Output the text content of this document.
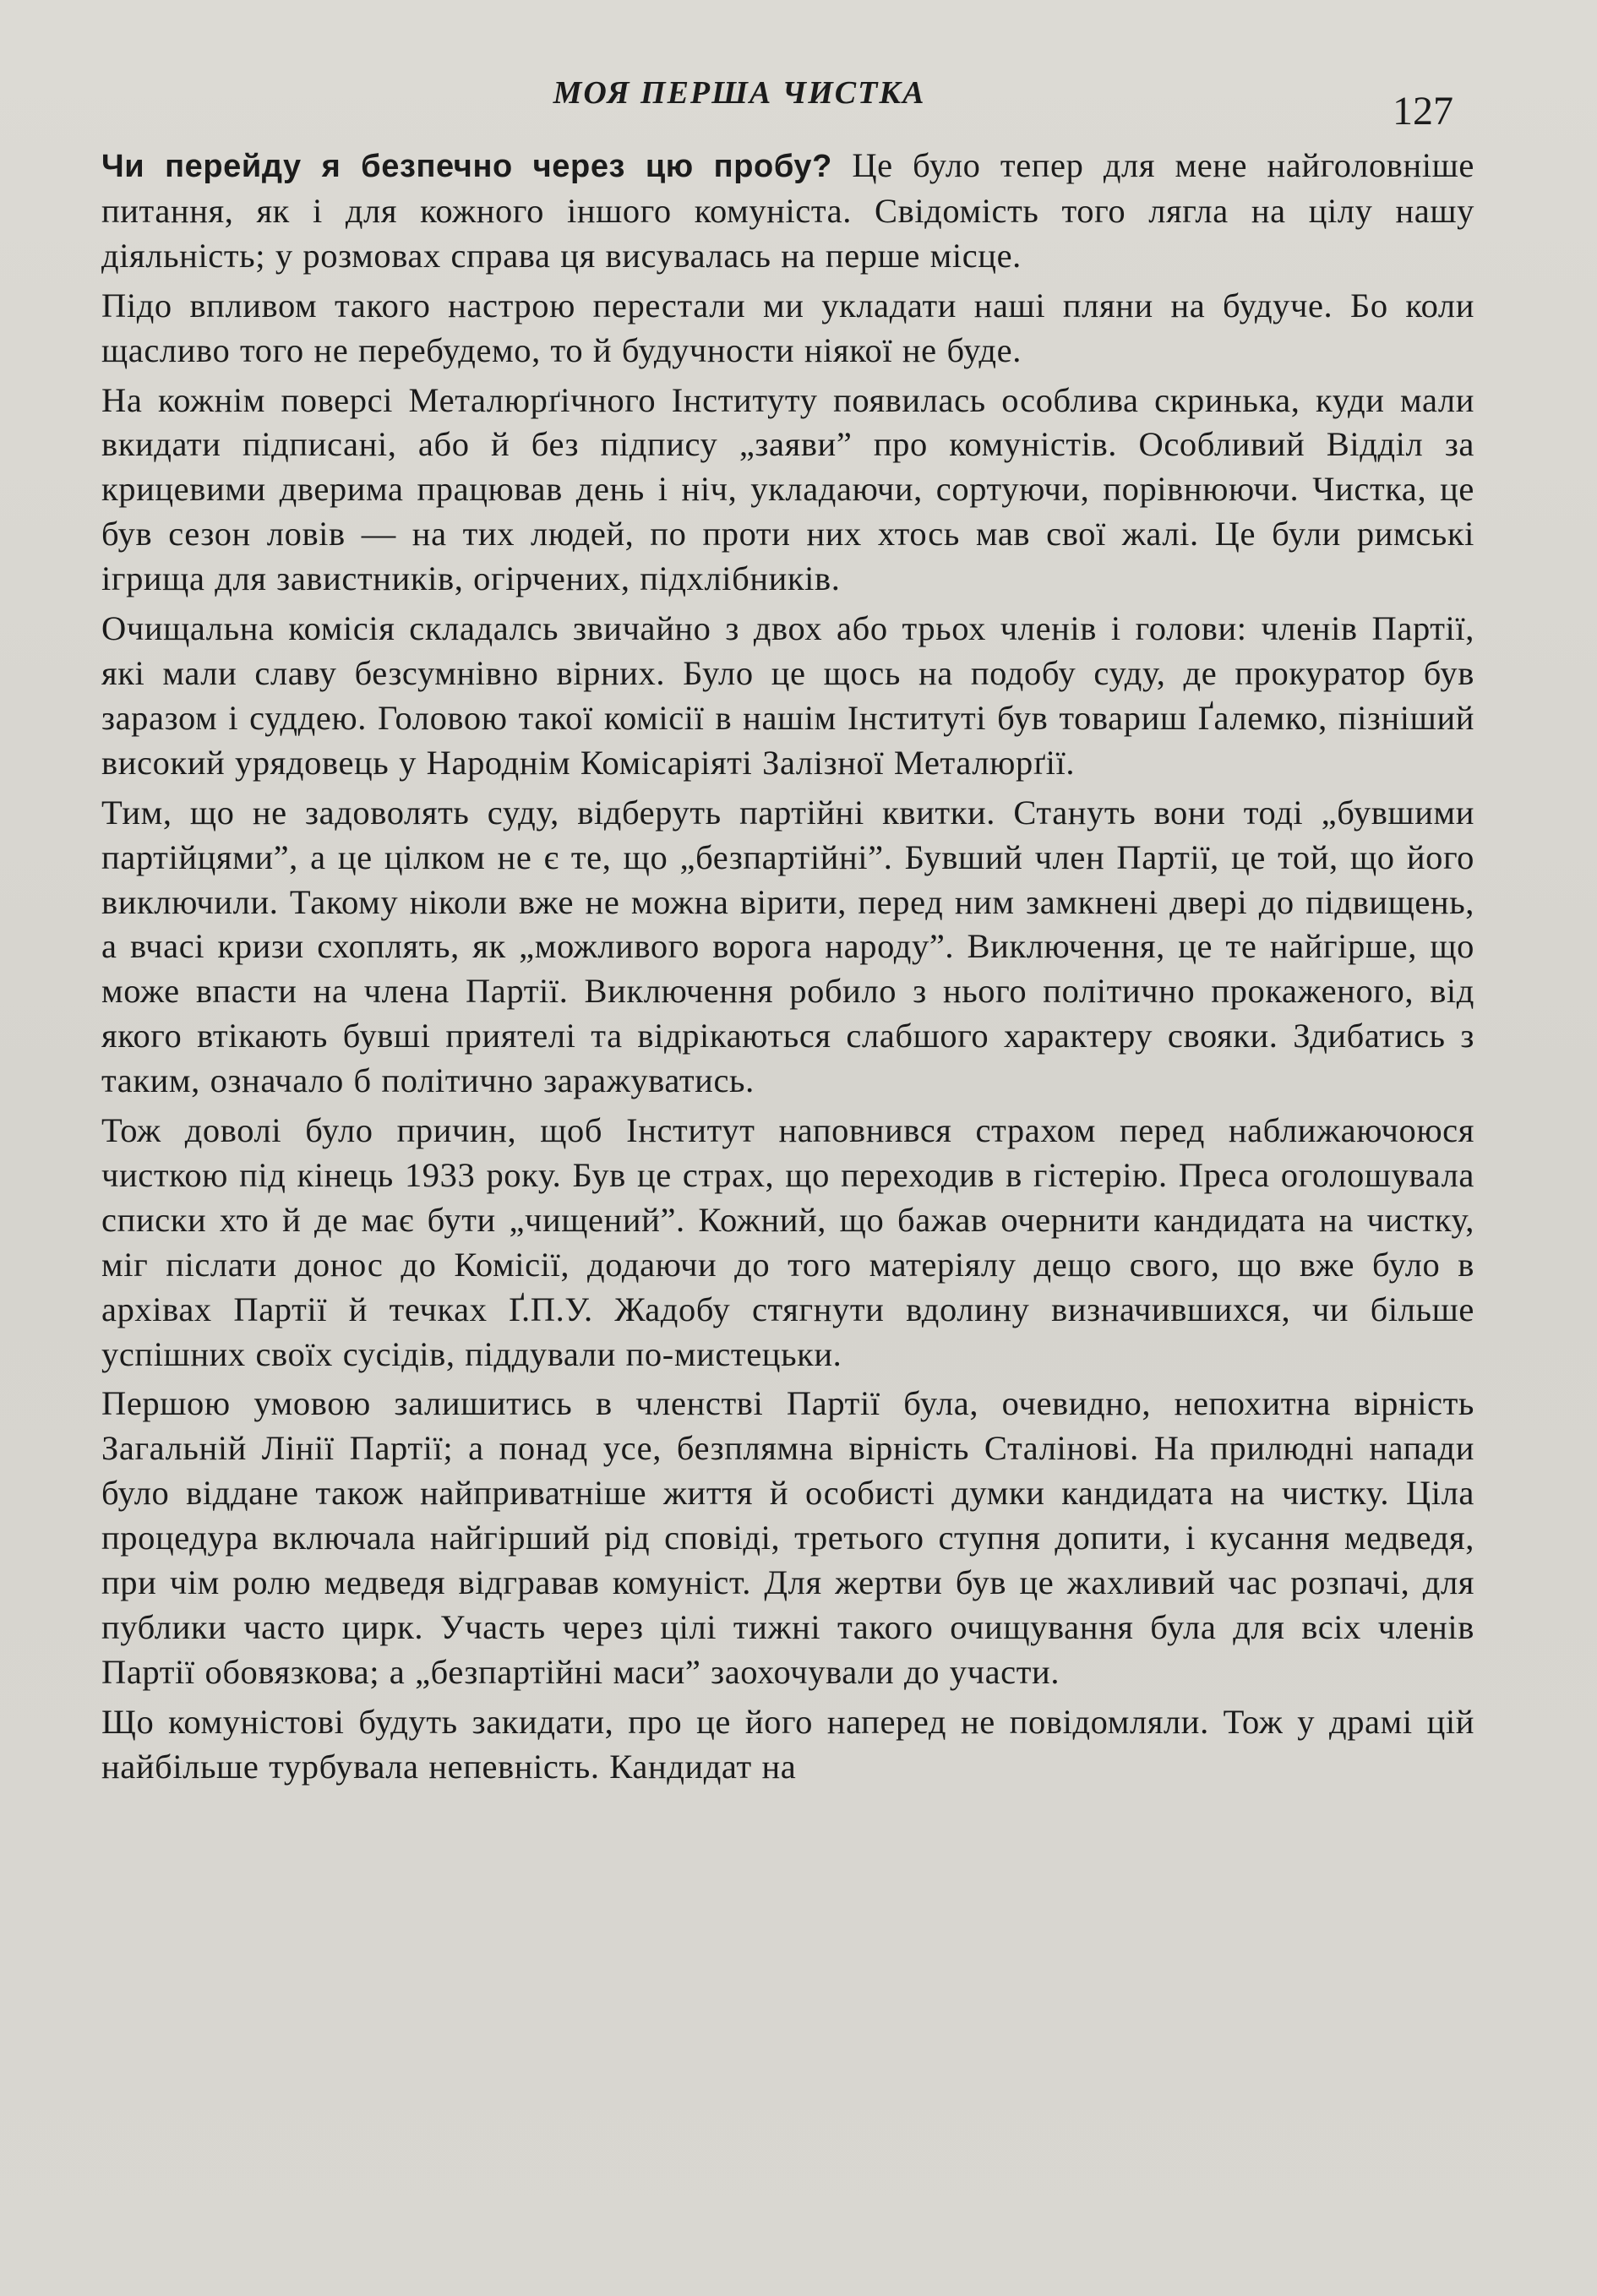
МОЯ ПЕРША ЧИСТКА	127

Чи перейду я безпечно через цю пробу? Це було тепер для мене найголовніше питання, як і для кожного іншого комуніста. Свідомість того лягла на цілу нашу діяльність; у розмовах справа ця висувалась на перше місце.

Підо впливом такого настрою перестали ми укладати наші пляни на будуче. Бо коли щасливо того не перебудемо, то й будучности ніякої не буде.

На кожнім поверсі Металюрґічного Інституту появилась особлива скринька, куди мали вкидати підписані, або й без підпису „заяви” про комуністів. Особливий Відділ за крицевими дверима працював день і ніч, укладаючи, сортуючи, порівнюючи. Чистка, це був сезон ловів — на тих людей, по проти них хтось мав свої жалі. Це були римські ігрища для завистників, огірчених, підхлібників.

Очищальна комісія складалсь звичайно з двох або трьох членів і голови: членів Партії, які мали славу безсумнівно вірних. Було це щось на подобу суду, де прокуратор був заразом і суддею. Головою такої комісії в нашім Інституті був товариш Ґалемко, пізніший високий урядовець у Народнім Комісаріяті Залізної Металюрґії.

Тим, що не задоволять суду, відберуть партійні квитки. Стануть вони тоді „бувшими партійцями”, а це цілком не є те, що „безпартійні”. Бувший член Партії, це той, що його виключили. Такому ніколи вже не можна вірити, перед ним замкнені двері до підвищень, а вчасі кризи схоплять, як „можливого ворога народу”. Виключення, це те найгірше, що може впасти на члена Партії. Виключення робило з нього політично прокаженого, від якого втікають бувші приятелі та відрікаються слабшого характеру свояки. Здибатись з таким, означало б політично заражуватись.

Тож доволі було причин, щоб Інститут наповнився страхом перед наближаючоюся чисткою під кінець 1933 року. Був це страх, що переходив в гістерію. Преса оголошувала списки хто й де має бути „чищений”. Кожний, що бажав очернити кандидата на чистку, міг післати донос до Комісії, додаючи до того матеріялу дещо свого, що вже було в архівах Партії й течках Ґ.П.У. Жадобу стягнути вдолину визначившихся, чи більше успішних своїх сусідів, піддували по-мистецьки.

Першою умовою залишитись в членстві Партії була, очевидно, непохитна вірність Загальній Лінії Партії; а понад усе, безплямна вірність Сталінові. На прилюдні напади було віддане також найприватніше життя й особисті думки кандидата на чистку. Ціла процедура включала найгірший рід сповіді, третього ступня допити, і кусання медведя, при чім ролю медведя відгравав комуніст. Для жертви був це жахливий час розпачі, для публики часто цирк. Участь через цілі тижні такого очищування була для всіх членів Партії обовязкова; а „безпартійні маси” заохочували до участи.

Що комуністові будуть закидати, про це його наперед не повідомляли. Тож у драмі цій найбільше турбувала непевність. Кандидат на
